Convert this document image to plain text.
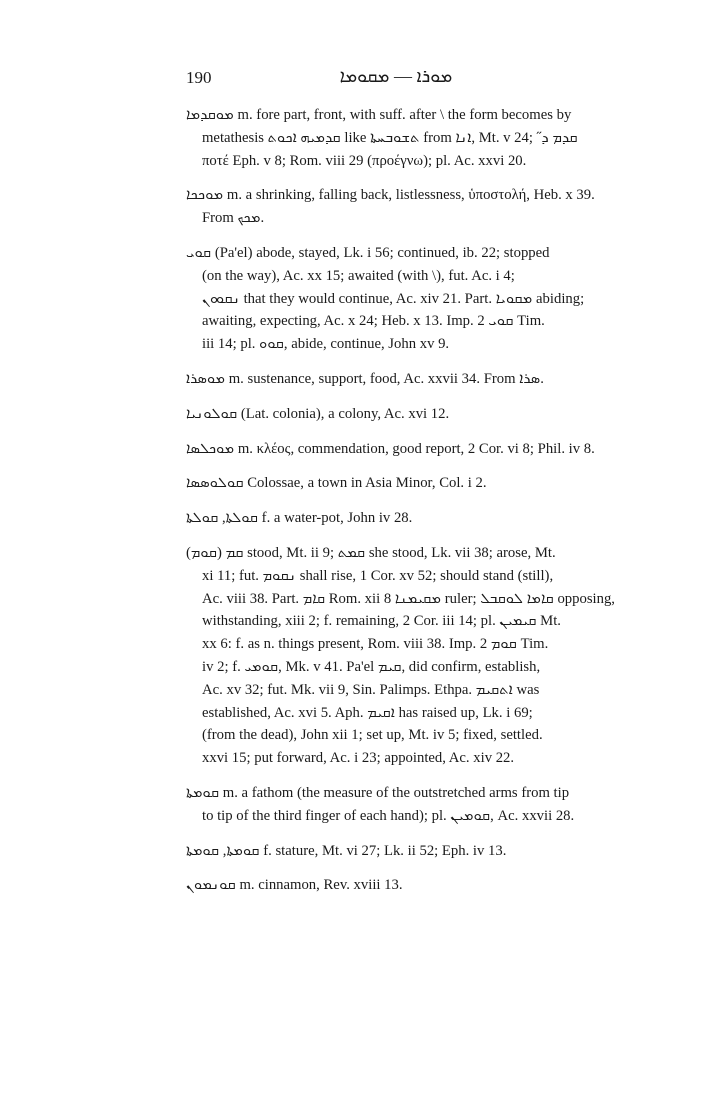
190	ܡܘܪܐ — ܡܩܘܡܐ
ܡܘܩܕܡܐ m. fore part, front, with suff. after \ the form becomes by
metathesis ܩܕܡܝܗ ܐܟܘܬ like ܬܫܘܒܚܬܐ from ܐܢܐ, Mt. v 24; ˝ܩܕܡ ܕ
ποτέ Eph. v 8; Rom. viii 29 (προέγνω); pl. Ac. xxvi 20.
ܡܘܟܟܐ m. a shrinking, falling back, listlessness, ὑποστολή, Heb. x 39.
From ܡܟܟ.
ܩܘܝ (Pa'el) abode, stayed, Lk. i 56; continued, ib. 22; stopped
(on the way), Ac. xx 15; awaited (with \), fut. Ac. i 4;
ܢܩܘܘܢ that they would continue, Ac. xiv 21. Part. ܡܩܘܝܐ abiding;
awaiting, expecting, Ac. x 24; Heb. x 13. Imp. ܩܘܝ 2 Tim.
iii 14; pl. ܩܘܘ, abide, continue, John xv 9.
ܡܘܣܪܐ m. sustenance, support, food, Ac. xxvii 34. From ܣܪܐ.
ܩܘܠܘܢܝܐ (Lat. colonia), a colony, Ac. xvi 12.
ܡܘܟܠܣܐ m. κλέος, commendation, good report, 2 Cor. vi 8; Phil. iv 8.
ܩܘܠܘܣܣܐ Colossae, a town in Asia Minor, Col. i 2.
ܩܘܠܬܐ, ܩܘܠܬܐ f. a water-pot, John iv 28.
(ܩܘܡ) ܩܡ stood, Mt. ii 9; ܩܡܬ she stood, Lk. vii 38; arose, Mt.
xi 11; fut. ܢܩܘܡ shall rise, 1 Cor. xv 52; should stand (still),
Ac. viii 38. Part. ܩܐܡ Rom. xii 8 ܡܩܝܡܢܐ ruler; ܩܐܡܐ ܠܘܩܒܠ opposing,
withstanding, xiii 2; f. remaining, 2 Cor. iii 14; pl. ܩܝܡܝܢ Mt.
xx 6: f. as n. things present, Rom. viii 38. Imp. ܩܘܡ 2 Tim.
iv 2; f. ܩܘܡܝ, Mk. v 41. Pa'el ܩܝܡ, did confirm, establish,
Ac. xv 32; fut. Mk. vii 9, Sin. Palimps. Ethpa. ܐܬܩܝܡ was
established, Ac. xvi 5. Aph. ܐܩܝܡ has raised up, Lk. i 69;
(from the dead), John xii 1; set up, Mt. iv 5; fixed, settled.
xxvi 15; put forward, Ac. i 23; appointed, Ac. xiv 22.
ܩܘܡܬܐ m. a fathom (the measure of the outstretched arms from tip
to tip of the third finger of each hand); pl. ܩܘܡܝܢ, Ac. xxvii 28.
ܩܘܡܬܐ, ܩܘܡܬܐ f. stature, Mt. vi 27; Lk. ii 52; Eph. iv 13.
ܩܘܢܡܘܢ m. cinnamon, Rev. xviii 13.
